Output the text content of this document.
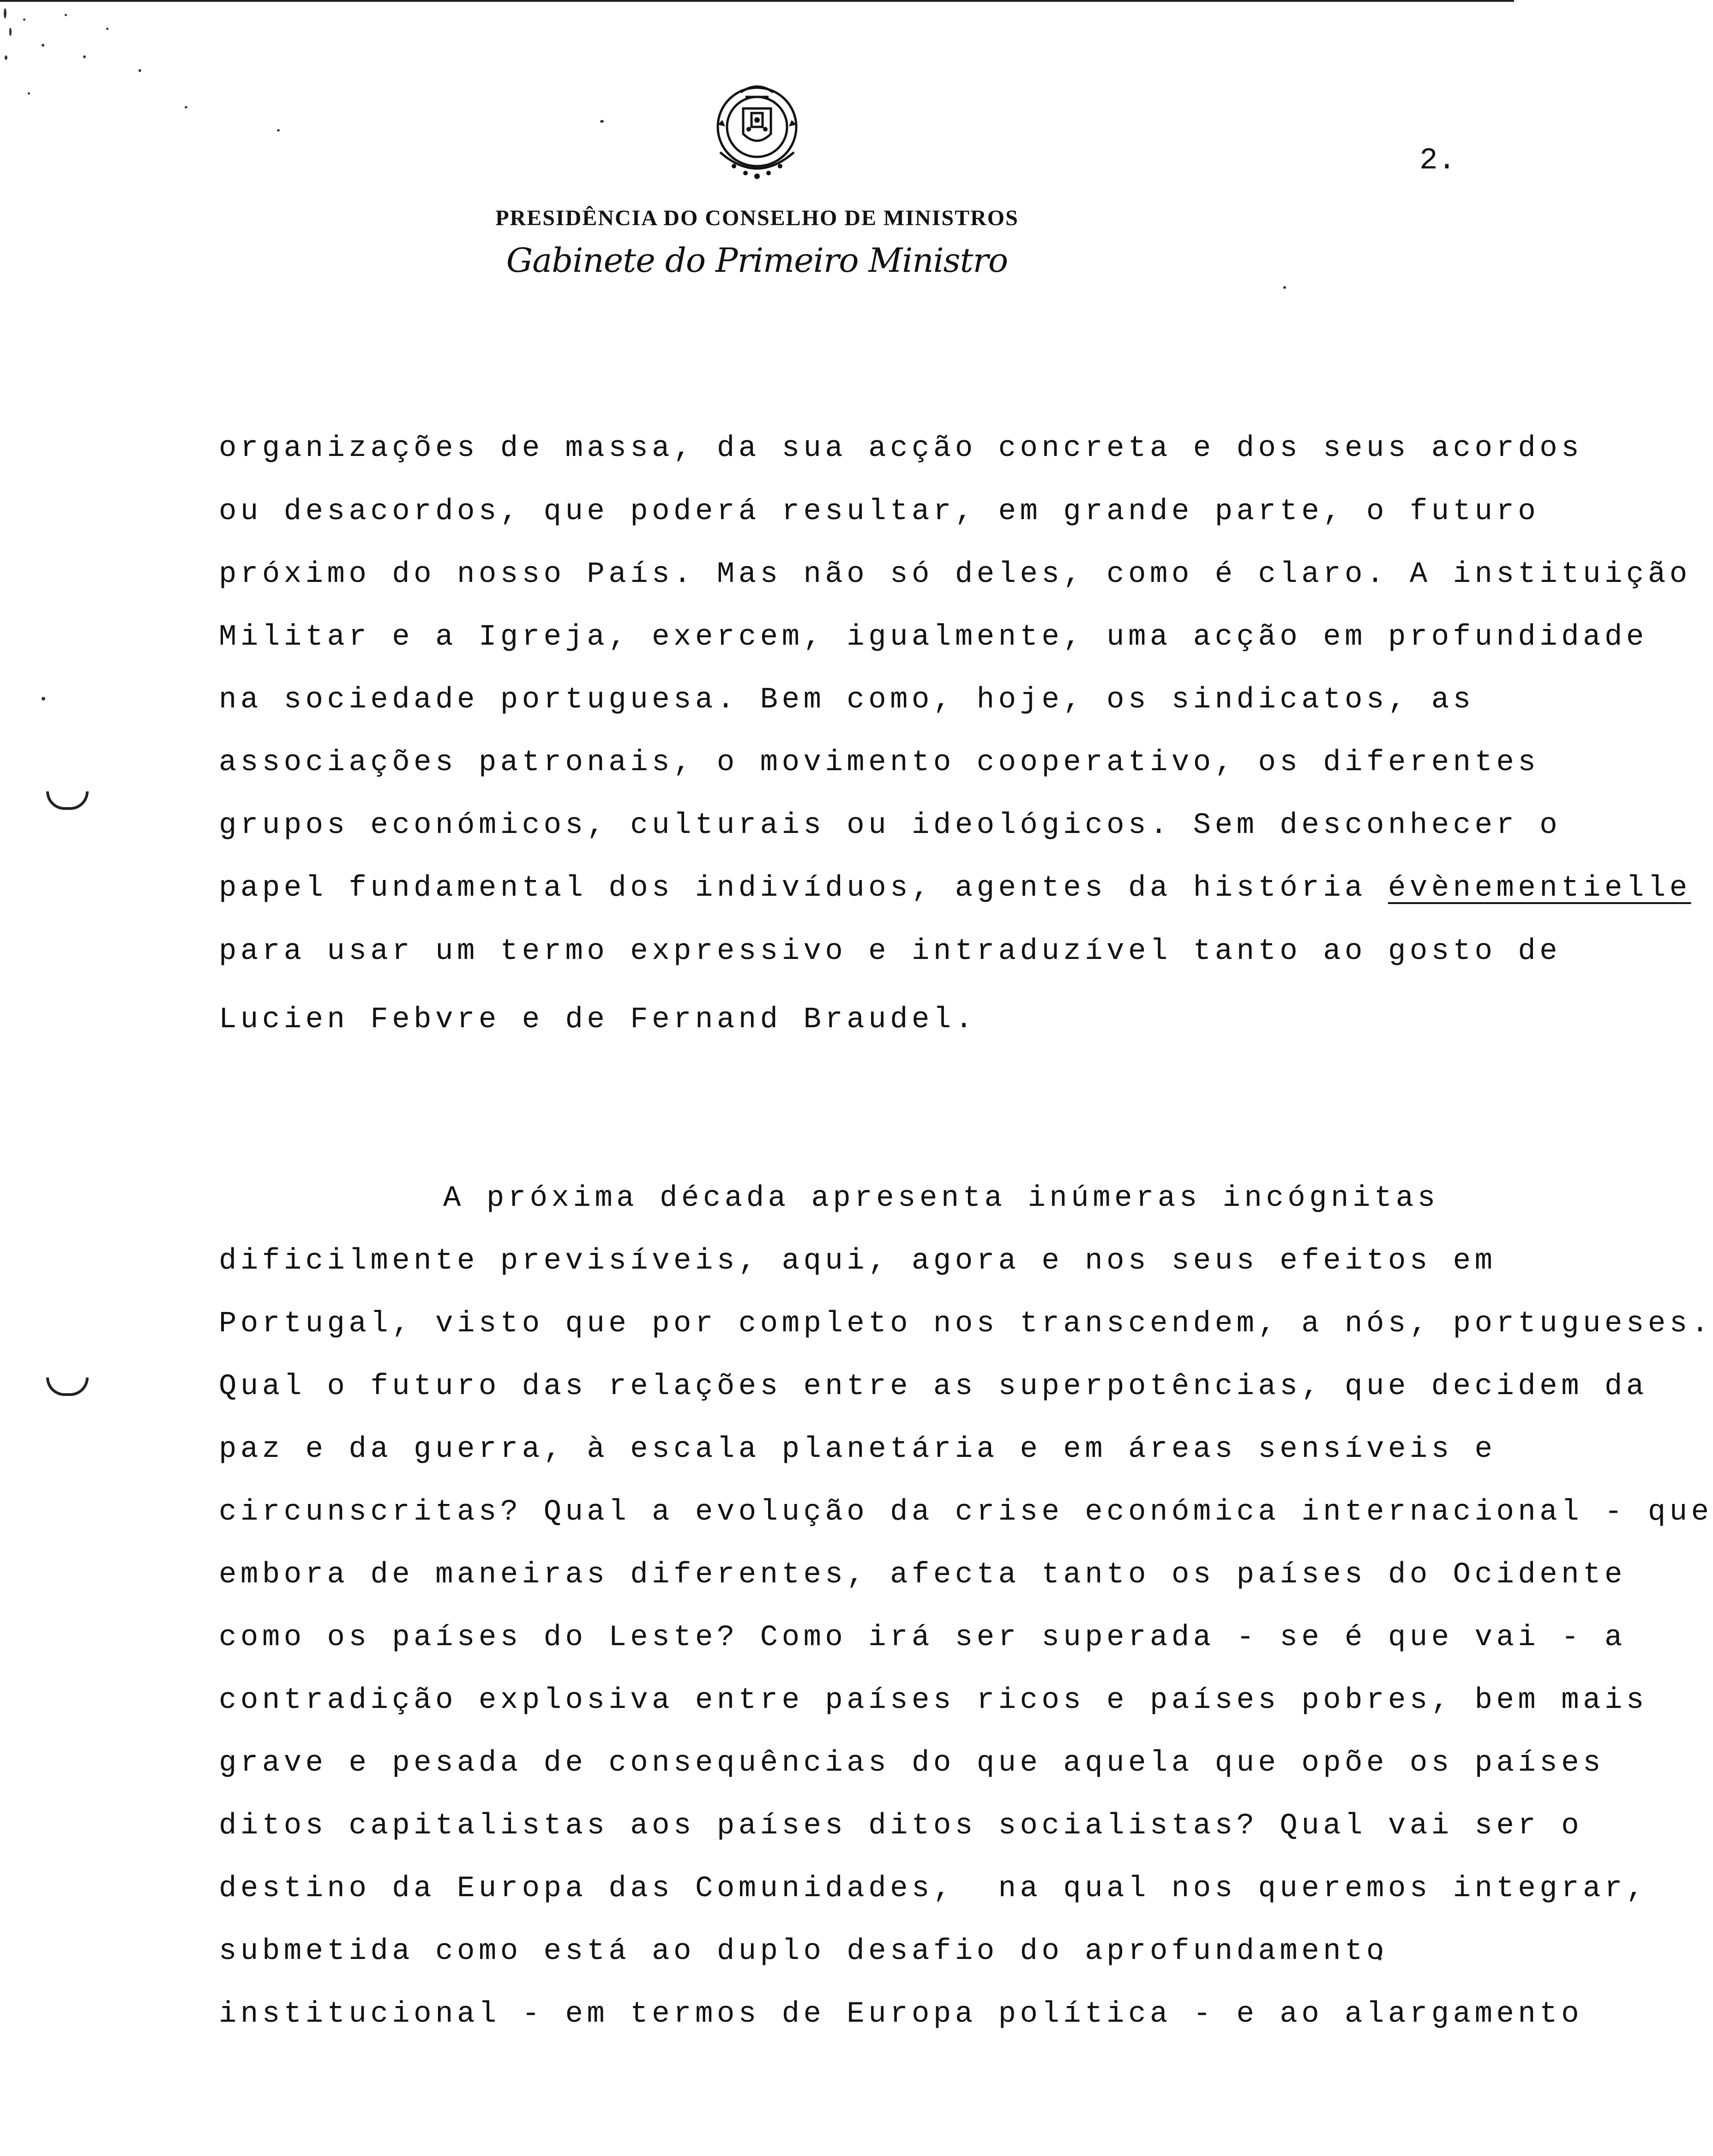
2.
PRESIDÊNCIA DO CONSELHO DE MINISTROS
Gabinete do Primeiro Ministro
organizações de massa, da sua acção concreta e dos seus acordos
ou desacordos, que poderá resultar, em grande parte, o futuro
próximo do nosso País. Mas não só deles, como é claro. A instituição
Militar e a Igreja, exercem, igualmente, uma acção em profundidade
na sociedade portuguesa. Bem como, hoje, os sindicatos, as
associações patronais, o movimento cooperativo, os diferentes
grupos económicos, culturais ou ideológicos. Sem desconhecer o
papel fundamental dos indivíduos, agentes da história évènementielle
para usar um termo expressivo e intraduzível tanto ao gosto de
Lucien Febvre e de Fernand Braudel.
A próxima década apresenta inúmeras incógnitas
dificilmente previsíveis, aqui, agora e nos seus efeitos em
Portugal, visto que por completo nos transcendem, a nós, portugueses.
Qual o futuro das relações entre as superpotências, que decidem da
paz e da guerra, à escala planetária e em áreas sensíveis e
circunscritas? Qual a evolução da crise económica internacional - que
embora de maneiras diferentes, afecta tanto os países do Ocidente
como os países do Leste? Como irá ser superada - se é que vai - a
contradição explosiva entre países ricos e países pobres, bem mais
grave e pesada de consequências do que aquela que opõe os países
ditos capitalistas aos países ditos socialistas? Qual vai ser o
destino da Europa das Comunidades,  na qual nos queremos integrar,
submetida como está ao duplo desafio do aprofundamento
institucional - em termos de Europa política - e ao alargamento
